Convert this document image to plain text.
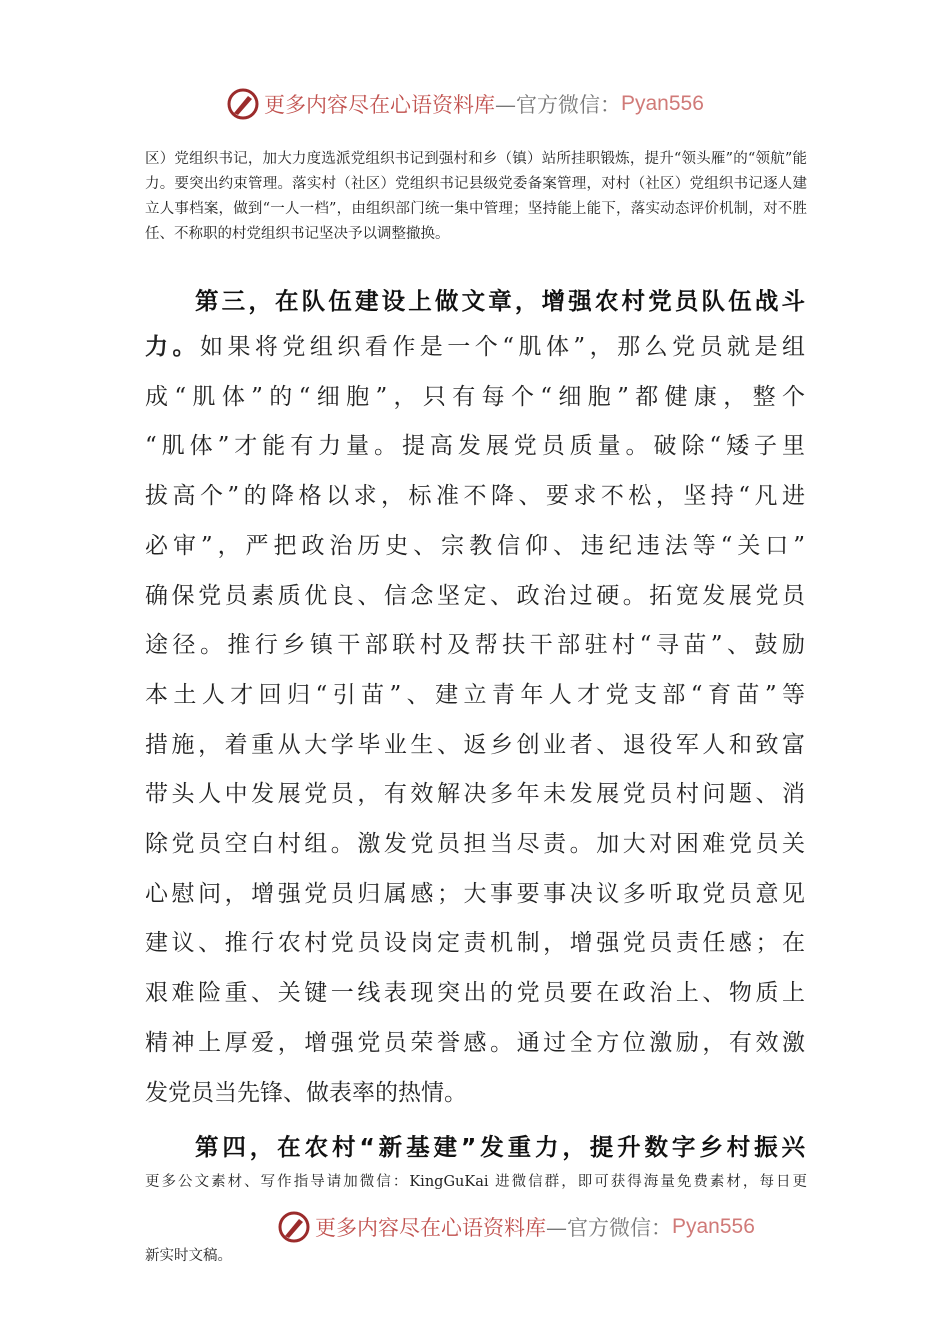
更多内容尽在心语资料库 —官方微信： Pyan556
区）党组织书记，加大力度选派党组织书记到强村和乡（镇）站所挂职锻炼，提升“领头雁”的“领航”能力。要突出约束管理。落实村（社区）党组织书记县级党委备案管理，对村（社区）党组织书记逐人建立人事档案，做到“一人一档”，由组织部门统一集中管理；坚持能上能下，落实动态评价机制，对不胜任、不称职的村党组织书记坚决予以调整撤换。
第三，在队伍建设上做文章，增强农村党员队伍战斗
力。如果将党组织看作是一个“肌体”，那么党员就是组
成“肌体”的“细胞”，只有每个“细胞”都健康，整个
“肌体”才能有力量。提高发展党员质量。破除“矮子里
拔高个”的降格以求，标准不降、要求不松，坚持“凡进
必审”，严把政治历史、宗教信仰、违纪违法等“关口”
确保党员素质优良、信念坚定、政治过硬。拓宽发展党员
途径。推行乡镇干部联村及帮扶干部驻村“寻苗”、鼓励
本土人才回归“引苗”、建立青年人才党支部“育苗”等
措施，着重从大学毕业生、返乡创业者、退役军人和致富
带头人中发展党员，有效解决多年未发展党员村问题、消
除党员空白村组。激发党员担当尽责。加大对困难党员关
心慰问，增强党员归属感；大事要事决议多听取党员意见
建议、推行农村党员设岗定责机制，增强党员责任感；在
艰难险重、关键一线表现突出的党员要在政治上、物质上
精神上厚爱，增强党员荣誉感。通过全方位激励，有效激
发党员当先锋、做表率的热情。
第四，在农村“新基建”发重力，提升数字乡村振兴
更多公文素材、写作指导请加微信：KingGuKai 进微信群，即可获得海量免费素材，每日更
更多内容尽在心语资料库 —官方微信： Pyan556
新实时文稿。
